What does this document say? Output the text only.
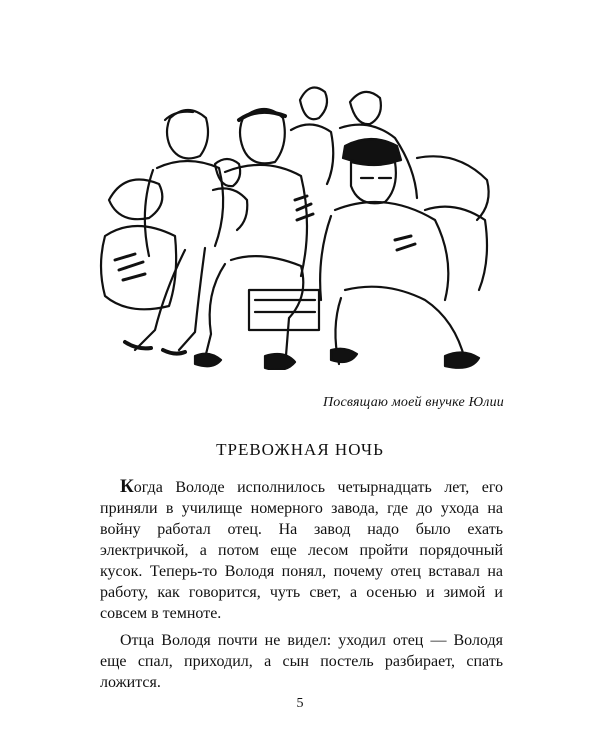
Посвящаю моей внучке Юлии
ТРЕВОЖНАЯ НОЧЬ

Когда Володе исполнилось четырнадцать лет, его приняли в училище номерного завода, где до ухода на войну работал отец. На завод надо было ехать электричкой, а потом еще лесом пройти порядочный кусок. Теперь-то Володя понял, почему отец вставал на работу, как говорится, чуть свет, а осенью и зимой и совсем в темноте.

Отца Володя почти не видел: уходил отец — Володя еще спал, приходил, а сын постель разбирает, спать ложится.

5
